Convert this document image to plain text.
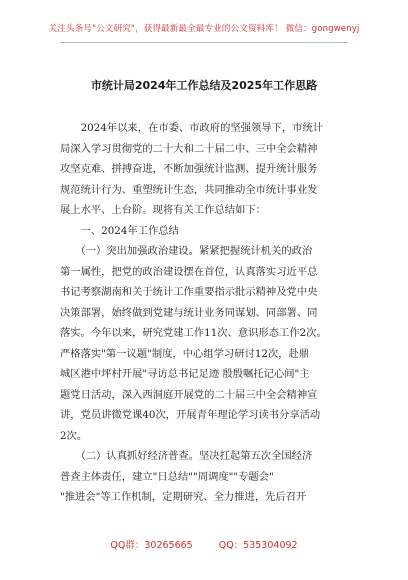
关注头条号"公文研究"，获得最新最全最专业的公文资料库！ 微信：gongwenyj
市统计局2024年工作总结及2025年工作思路
　　2024年以来，在市委、市政府的坚强领导下，市统计
局深入学习贯彻党的二十大和二十届二中、三中全会精神
攻坚克难、拼搏奋进，不断加强统计监测、提升统计服务
规范统计行为、重塑统计生态，共同推动全市统计事业发
展上水平、上台阶。现将有关工作总结如下：
　　一、2024年工作总结
　　（一）突出加强政治建设。紧紧把握统计机关的政治
第一属性，把党的政治建设摆在首位，认真落实习近平总
书记考察湖南和关于统计工作重要指示批示精神及党中央
决策部署，始终做到党建与统计业务同谋划、同部署、同
落实。今年以来，研究党建工作11次、意识形态工作2次。
严格落实"第一议题"制度，中心组学习研讨12次，赴鼎
城区港中坪村开展"寻访总书记足迹 殷殷嘱托记心间"主
题党日活动，深入西洞庭开展党的二十届三中全会精神宣
讲，党员讲微党课40次，开展青年理论学习读书分享活动
2次。
　　（二）认真抓好经济普查。坚决扛起第五次全国经济
普查主体责任，建立"日总结""周调度""专题会"
"推进会"等工作机制，定期研究、全力推进，先后召开
QQ群：30265665	QQ：535304092
